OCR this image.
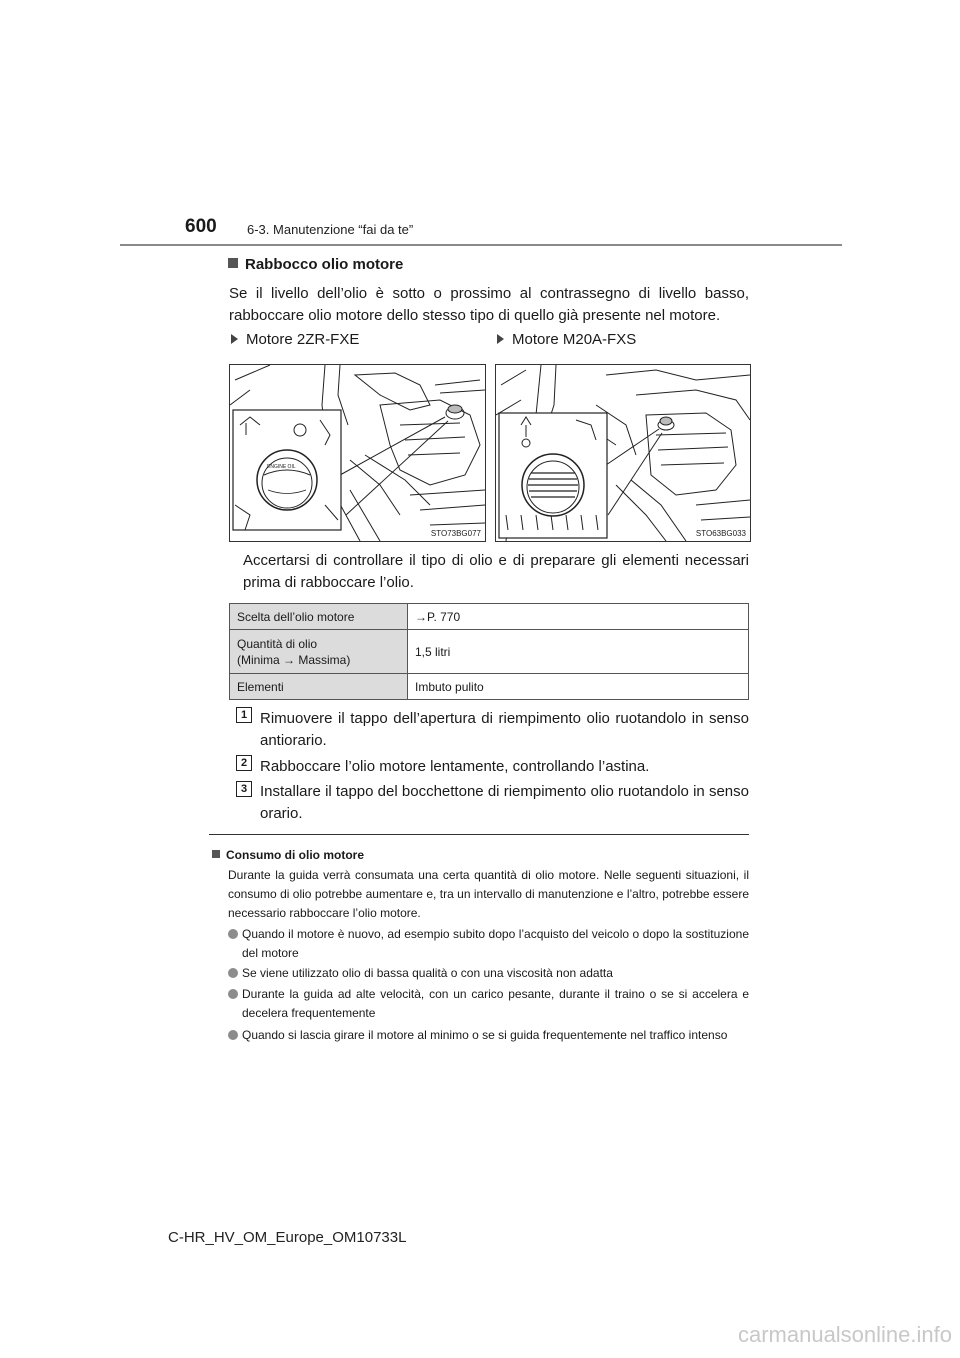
600 6-3. Manutenzione “fai da te”
Rabbocco olio motore
Se il livello dell’olio è sotto o prossimo al contrassegno di livello basso, rabboccare olio motore dello stesso tipo di quello già presente nel motore.
Motore 2ZR-FXE	Motore M20A-FXS
ENGINE OIL
STO73BG077	STO63BG033
Accertarsi di controllare il tipo di olio e di preparare gli elementi necessari prima di rabboccare l’olio.
Scelta dell’olio motore	→P. 770
Quantità di olio
(Minima → Massima)	1,5 litri
Elementi	Imbuto pulito
1 Rimuovere il tappo dell’apertura di riempimento olio ruotandolo in senso antiorario.
2 Rabboccare l’olio motore lentamente, controllando l’astina.
3 Installare il tappo del bocchettone di riempimento olio ruotandolo in senso orario.
Consumo di olio motore
Durante la guida verrà consumata una certa quantità di olio motore. Nelle seguenti situazioni, il consumo di olio potrebbe aumentare e, tra un intervallo di manutenzione e l’altro, potrebbe essere necessario rabboccare l’olio motore.
Quando il motore è nuovo, ad esempio subito dopo l’acquisto del veicolo o dopo la sostituzione del motore
Se viene utilizzato olio di bassa qualità o con una viscosità non adatta
Durante la guida ad alte velocità, con un carico pesante, durante il traino o se si accelera e decelera frequentemente
Quando si lascia girare il motore al minimo o se si guida frequentemente nel traffico intenso
C-HR_HV_OM_Europe_OM10733L
carmanualsonline.info
